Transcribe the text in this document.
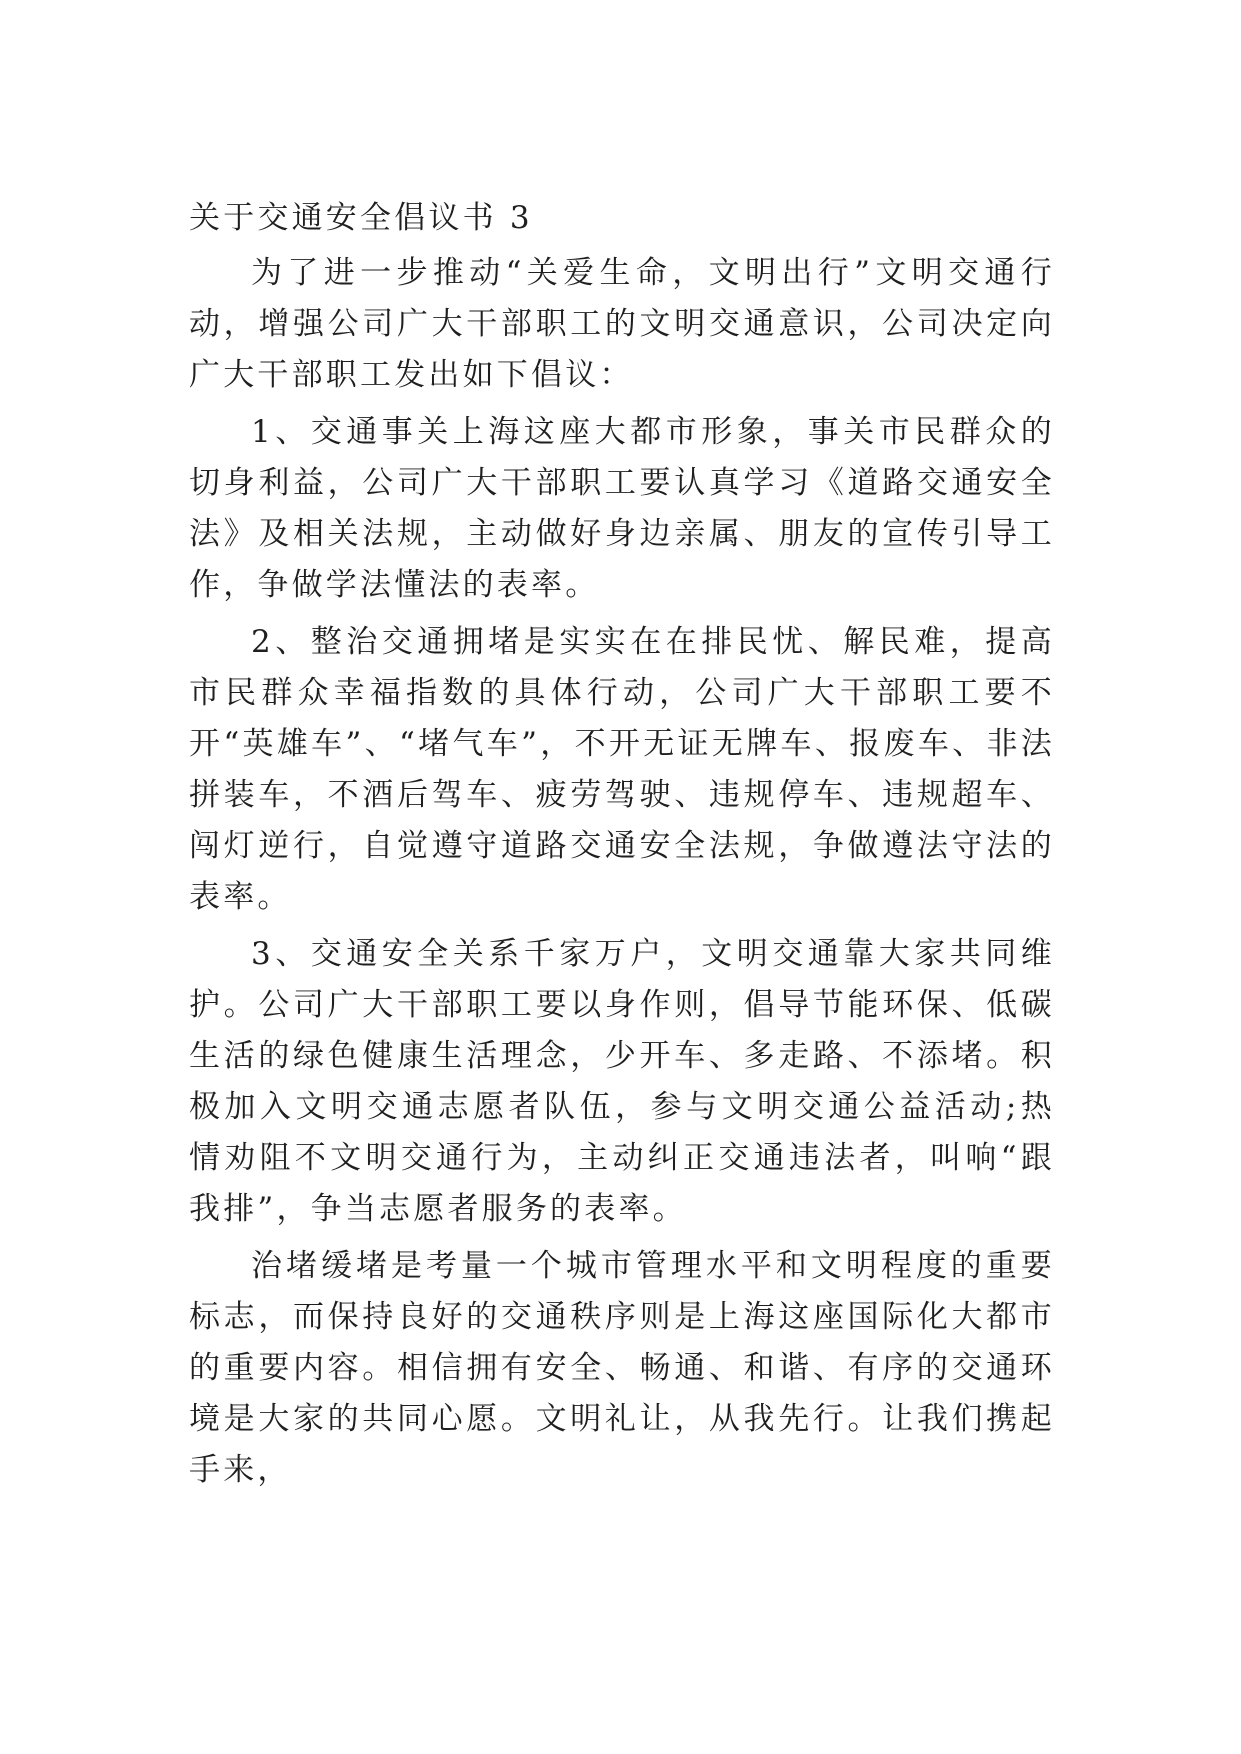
关于交通安全倡议书 3

为了进一步推动“关爱生命，文明出行”文明交通行动，增强公司广大干部职工的文明交通意识，公司决定向广大干部职工发出如下倡议：

1、交通事关上海这座大都市形象，事关市民群众的切身利益，公司广大干部职工要认真学习《道路交通安全法》及相关法规，主动做好身边亲属、朋友的宣传引导工作，争做学法懂法的表率。

2、整治交通拥堵是实实在在排民忧、解民难，提高市民群众幸福指数的具体行动，公司广大干部职工要不开“英雄车”、“堵气车”，不开无证无牌车、报废车、非法拼装车，不酒后驾车、疲劳驾驶、违规停车、违规超车、闯灯逆行，自觉遵守道路交通安全法规，争做遵法守法的表率。

3、交通安全关系千家万户，文明交通靠大家共同维护。公司广大干部职工要以身作则，倡导节能环保、低碳生活的绿色健康生活理念，少开车、多走路、不添堵。积极加入文明交通志愿者队伍，参与文明交通公益活动;热情劝阻不文明交通行为，主动纠正交通违法者，叫响“跟我排”，争当志愿者服务的表率。

治堵缓堵是考量一个城市管理水平和文明程度的重要标志，而保持良好的交通秩序则是上海这座国际化大都市的重要内容。相信拥有安全、畅通、和谐、有序的交通环境是大家的共同心愿。文明礼让，从我先行。让我们携起手来，
